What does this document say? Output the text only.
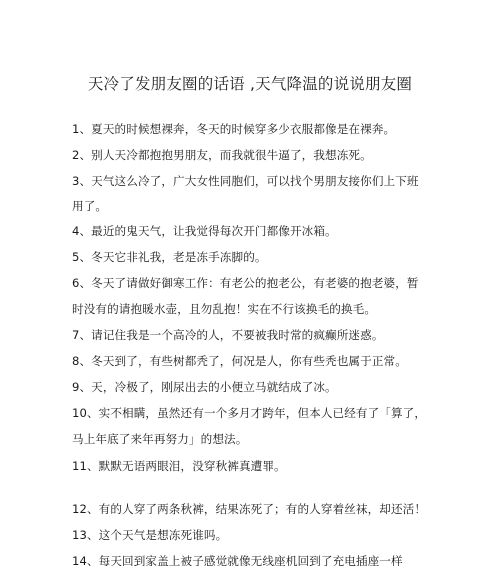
天冷了发朋友圈的话语 ,天气降温的说说朋友圈
1、夏天的时候想裸奔，冬天的时候穿多少衣服都像是在裸奔。
2、别人天冷都抱抱男朋友，而我就很牛逼了，我想冻死。
3、天气这么冷了，广大女性同胞们，可以找个男朋友接你们上下班
用了。
4、最近的鬼天气，让我觉得每次开门都像开冰箱。
5、冬天它非礼我，老是冻手冻脚的。
6、冬天了请做好御寒工作：有老公的抱老公，有老婆的抱老婆，暂
时没有的请抱暖水壶，且勿乱抱！实在不行该换毛的换毛。
7、请记住我是一个高冷的人，不要被我时常的疯癫所迷惑。
8、冬天到了，有些树都秃了，何况是人，你有些秃也属于正常。
9、天，冷极了，刚尿出去的小便立马就结成了冰。
10、实不相瞒，虽然还有一个多月才跨年，但本人已经有了「算了，
马上年底了来年再努力」的想法。
11、默默无语两眼泪，没穿秋裤真遭罪。
12、有的人穿了两条秋裤，结果冻死了；有的人穿着丝袜，却还活！
13、这个天气是想冻死谁吗。
14、每天回到家盖上被子感觉就像无线座机回到了充电插座一样
